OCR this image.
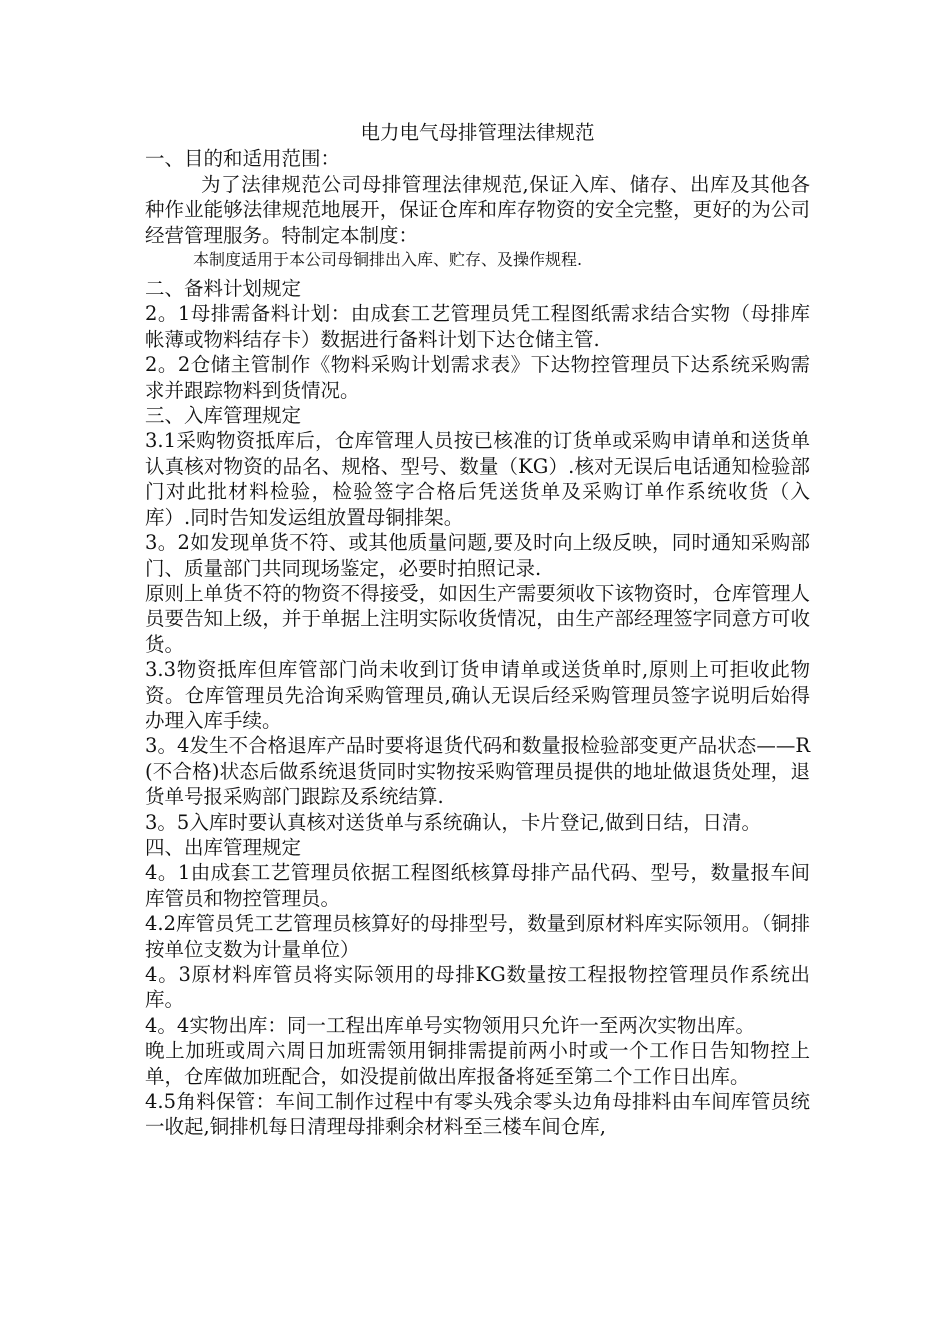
电力电气母排管理法律规范

一、目的和适用范围：

为了法律规范公司母排管理法律规范,保证入库、储存、出库及其他各种作业能够法律规范地展开，保证仓库和库存物资的安全完整，更好的为公司经营管理服务。特制定本制度：

本制度适用于本公司母铜排出入库、贮存、及操作规程.

二、备料计划规定

2。1母排需备料计划：由成套工艺管理员凭工程图纸需求结合实物（母排库帐薄或物料结存卡）数据进行备料计划下达仓储主管.

2。2仓储主管制作《物料采购计划需求表》下达物控管理员下达系统采购需求并跟踪物料到货情况。

三、入库管理规定

3.1采购物资抵库后，仓库管理人员按已核准的订货单或采购申请单和送货单认真核对物资的品名、规格、型号、数量（KG）.核对无误后电话通知检验部门对此批材料检验，检验签字合格后凭送货单及采购订单作系统收货（入库）.同时告知发运组放置母铜排架。

3。2如发现单货不符、或其他质量问题,要及时向上级反映，同时通知采购部门、质量部门共同现场鉴定，必要时拍照记录.

原则上单货不符的物资不得接受，如因生产需要须收下该物资时，仓库管理人员要告知上级，并于单据上注明实际收货情况，由生产部经理签字同意方可收货。

3.3物资抵库但库管部门尚未收到订货申请单或送货单时,原则上可拒收此物资。仓库管理员先洽询采购管理员,确认无误后经采购管理员签字说明后始得办理入库手续。

3。4发生不合格退库产品时要将退货代码和数量报检验部变更产品状态——R(不合格)状态后做系统退货同时实物按采购管理员提供的地址做退货处理，退货单号报采购部门跟踪及系统结算.

3。5入库时要认真核对送货单与系统确认，卡片登记,做到日结，日清。

四、出库管理规定

4。1由成套工艺管理员依据工程图纸核算母排产品代码、型号，数量报车间库管员和物控管理员。

4.2库管员凭工艺管理员核算好的母排型号，数量到原材料库实际领用。（铜排按单位支数为计量单位）

4。3原材料库管员将实际领用的母排KG数量按工程报物控管理员作系统出库。

4。4实物出库：同一工程出库单号实物领用只允许一至两次实物出库。

晚上加班或周六周日加班需领用铜排需提前两小时或一个工作日告知物控上单，仓库做加班配合，如没提前做出库报备将延至第二个工作日出库。

4.5角料保管：车间工制作过程中有零头残余零头边角母排料由车间库管员统一收起,铜排机每日清理母排剩余材料至三楼车间仓库,
